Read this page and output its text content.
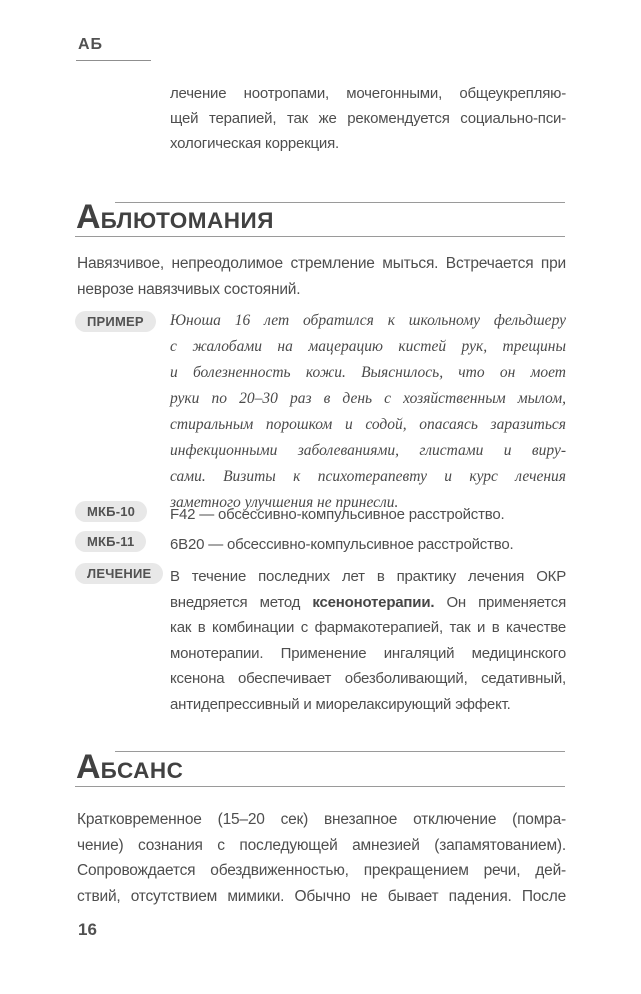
АБ
лечение ноотропами, мочегонными, общеукрепляю-
щей терапией, так же рекомендуется социально-пси-
хологическая коррекция.
АБЛЮТОМАНИЯ
Навязчивое, непреодолимое стремление мыться. Встречается при
неврозе навязчивых состояний.
ПРИМЕР	Юноша 16 лет обратился к школьному фельдшеру
с жалобами на мацерацию кистей рук, трещины
и болезненность кожи. Выяснилось, что он моет
руки по 20–30 раз в день с хозяйственным мылом,
стиральным порошком и содой, опасаясь заразиться
инфекционными заболеваниями, глистами и виру-
сами. Визиты к психотерапевту и курс лечения
заметного улучшения не принесли.
МКБ-10	F42 — обсессивно-компульсивное расстройство.
МКБ-11	6B20 — обсессивно-компульсивное расстройство.
ЛЕЧЕНИЕ	В течение последних лет в практику лечения ОКР
внедряется метод ксенонотерапии. Он применяется
как в комбинации с фармакотерапией, так и в качестве
монотерапии. Применение ингаляций медицинского
ксенона обеспечивает обезболивающий, седативный,
антидепрессивный и миорелаксирующий эффект.
АБСАНС
Кратковременное (15–20 сек) внезапное отключение (помра-
чение) сознания с последующей амнезией (запамятованием).
Сопровождается обездвиженностью, прекращением речи, дей-
ствий, отсутствием мимики. Обычно не бывает падения. После
16
